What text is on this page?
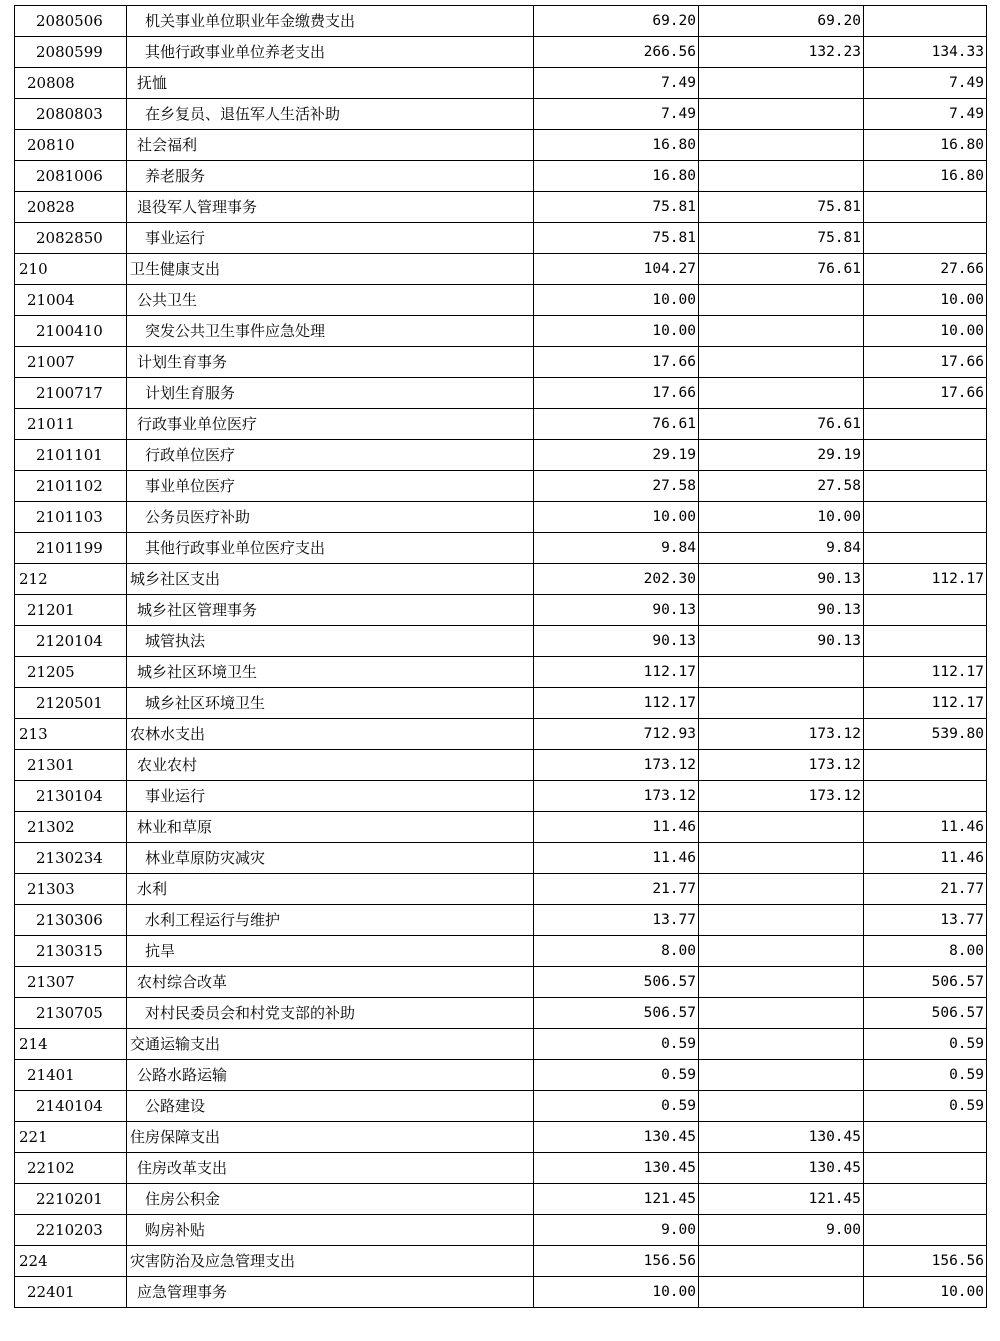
2080506	机关事业单位职业年金缴费支出	69.20	69.20	
2080599	其他行政事业单位养老支出	266.56	132.23	134.33
20808	抚恤	7.49		7.49
2080803	在乡复员、退伍军人生活补助	7.49		7.49
20810	社会福利	16.80		16.80
2081006	养老服务	16.80		16.80
20828	退役军人管理事务	75.81	75.81	
2082850	事业运行	75.81	75.81	
210	卫生健康支出	104.27	76.61	27.66
21004	公共卫生	10.00		10.00
2100410	突发公共卫生事件应急处理	10.00		10.00
21007	计划生育事务	17.66		17.66
2100717	计划生育服务	17.66		17.66
21011	行政事业单位医疗	76.61	76.61	
2101101	行政单位医疗	29.19	29.19	
2101102	事业单位医疗	27.58	27.58	
2101103	公务员医疗补助	10.00	10.00	
2101199	其他行政事业单位医疗支出	9.84	9.84	
212	城乡社区支出	202.30	90.13	112.17
21201	城乡社区管理事务	90.13	90.13	
2120104	城管执法	90.13	90.13	
21205	城乡社区环境卫生	112.17		112.17
2120501	城乡社区环境卫生	112.17		112.17
213	农林水支出	712.93	173.12	539.80
21301	农业农村	173.12	173.12	
2130104	事业运行	173.12	173.12	
21302	林业和草原	11.46		11.46
2130234	林业草原防灾减灾	11.46		11.46
21303	水利	21.77		21.77
2130306	水利工程运行与维护	13.77		13.77
2130315	抗旱	8.00		8.00
21307	农村综合改革	506.57		506.57
2130705	对村民委员会和村党支部的补助	506.57		506.57
214	交通运输支出	0.59		0.59
21401	公路水路运输	0.59		0.59
2140104	公路建设	0.59		0.59
221	住房保障支出	130.45	130.45	
22102	住房改革支出	130.45	130.45	
2210201	住房公积金	121.45	121.45	
2210203	购房补贴	9.00	9.00	
224	灾害防治及应急管理支出	156.56		156.56
22401	应急管理事务	10.00		10.00
